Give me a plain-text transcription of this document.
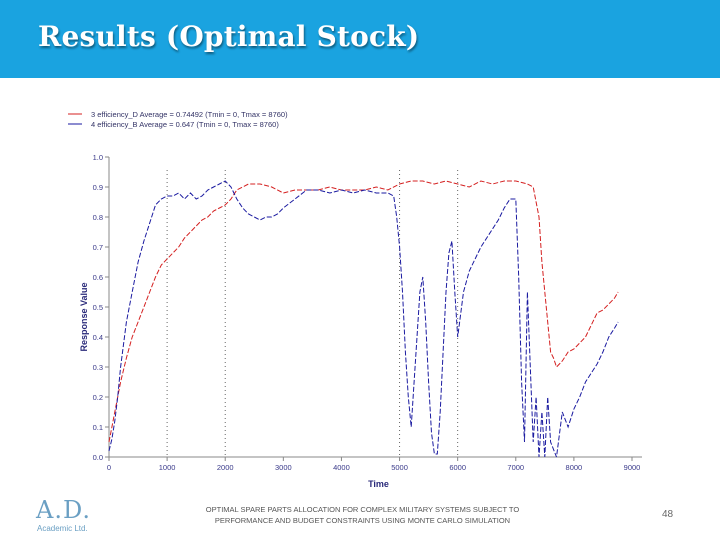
Results (Optimal Stock)
0	1000	2000	3000	4000	5000	6000	7000	8000	9000
0.0
0.1
0.2
0.3
0.4
0.5
0.6
0.7
0.8
0.9
1.0
Time
Response Value
3 efficiency_D Average = 0.74492 (Tmin = 0, Tmax = 8760)
4 efficiency_B Average = 0.647 (Tmin = 0, Tmax = 8760)
OPTIMAL SPARE PARTS ALLOCATION FOR COMPLEX MILITARY SYSTEMS SUBJECT TO PERFORMANCE AND BUDGET CONSTRAINTS USING MONTE CARLO SIMULATION
48
A.D.
Academic Ltd.
